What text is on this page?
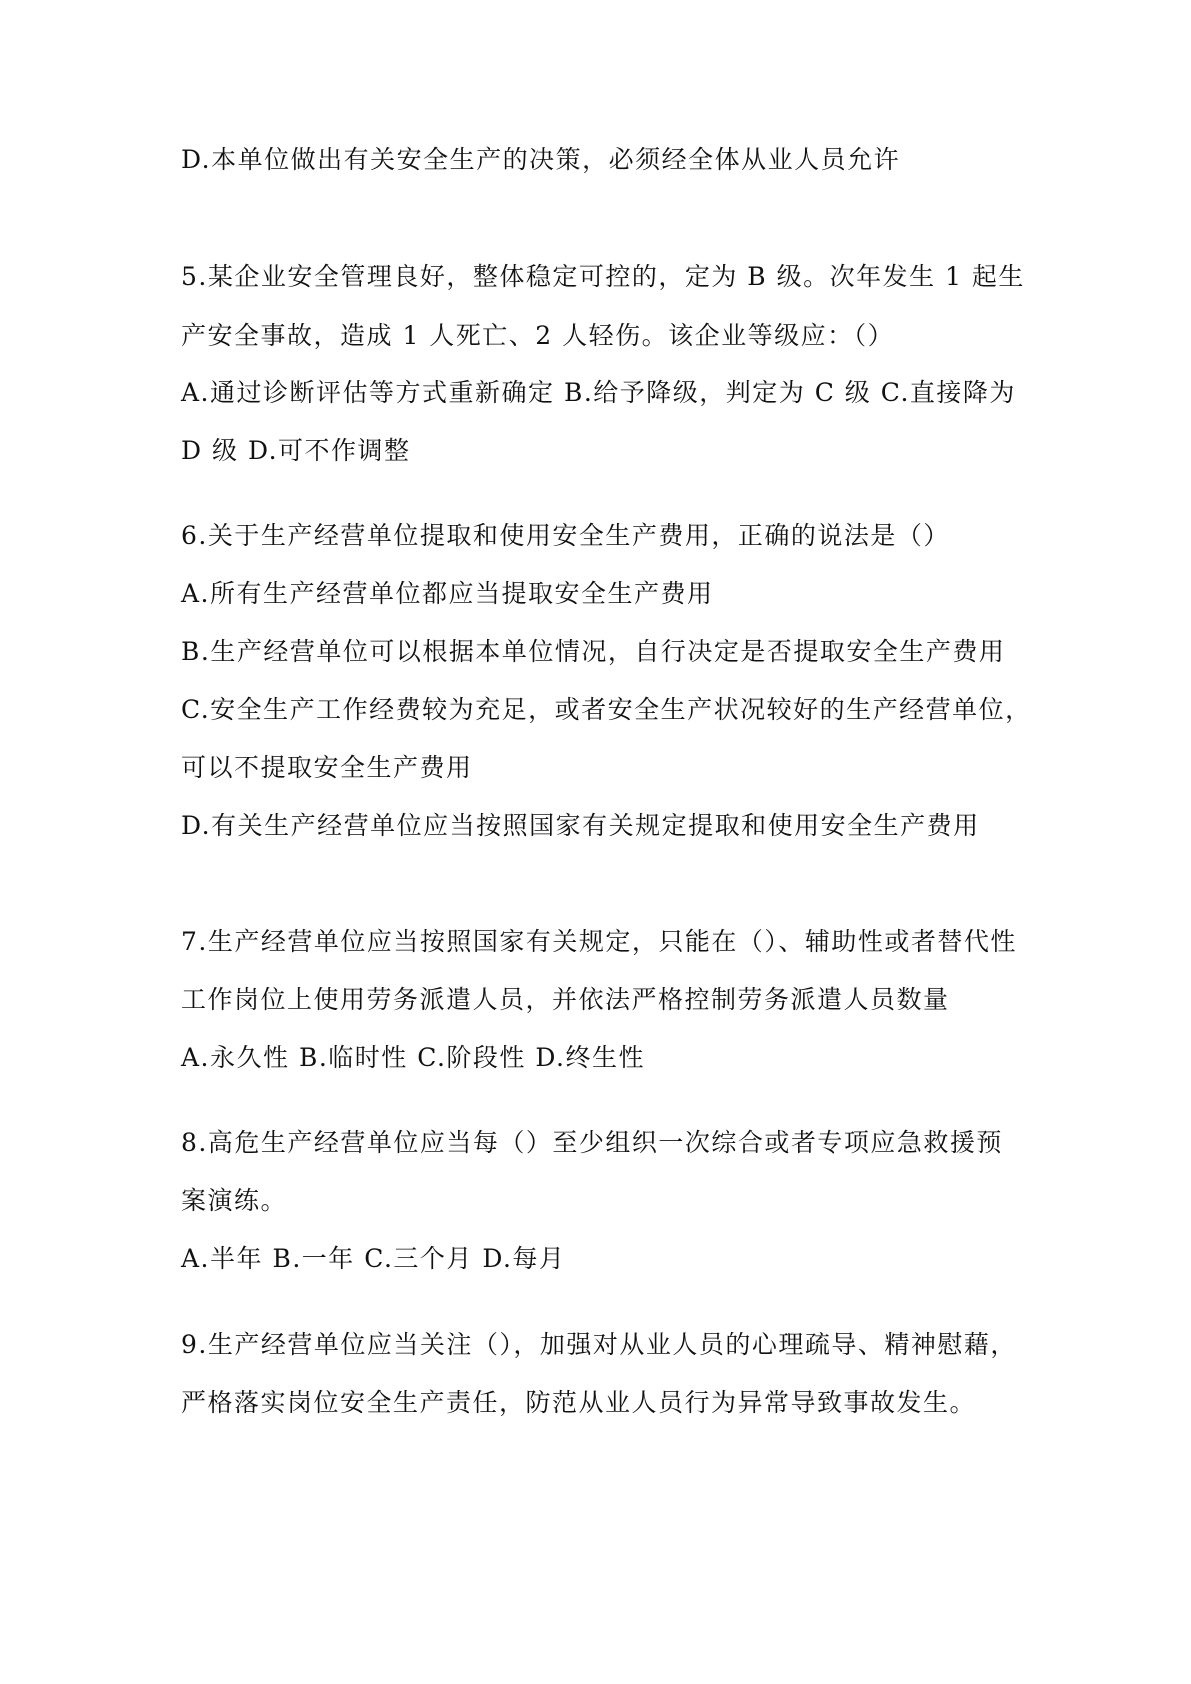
D.本单位做出有关安全生产的决策，必须经全体从业人员允许
5.某企业安全管理良好，整体稳定可控的，定为 B 级。次年发生 1 起生
产安全事故，造成 1 人死亡、2 人轻伤。该企业等级应：（）
A.通过诊断评估等方式重新确定 B.给予降级，判定为 C 级 C.直接降为
D 级 D.可不作调整
6.关于生产经营单位提取和使用安全生产费用，正确的说法是（）
A.所有生产经营单位都应当提取安全生产费用
B.生产经营单位可以根据本单位情况，自行决定是否提取安全生产费用
C.安全生产工作经费较为充足，或者安全生产状况较好的生产经营单位，
可以不提取安全生产费用
D.有关生产经营单位应当按照国家有关规定提取和使用安全生产费用
7.生产经营单位应当按照国家有关规定，只能在（）、辅助性或者替代性
工作岗位上使用劳务派遣人员，并依法严格控制劳务派遣人员数量
A.永久性 B.临时性 C.阶段性 D.终生性
8.高危生产经营单位应当每（）至少组织一次综合或者专项应急救援预
案演练。
A.半年 B.一年 C.三个月 D.每月
9.生产经营单位应当关注（），加强对从业人员的心理疏导、精神慰藉，
严格落实岗位安全生产责任，防范从业人员行为异常导致事故发生。
